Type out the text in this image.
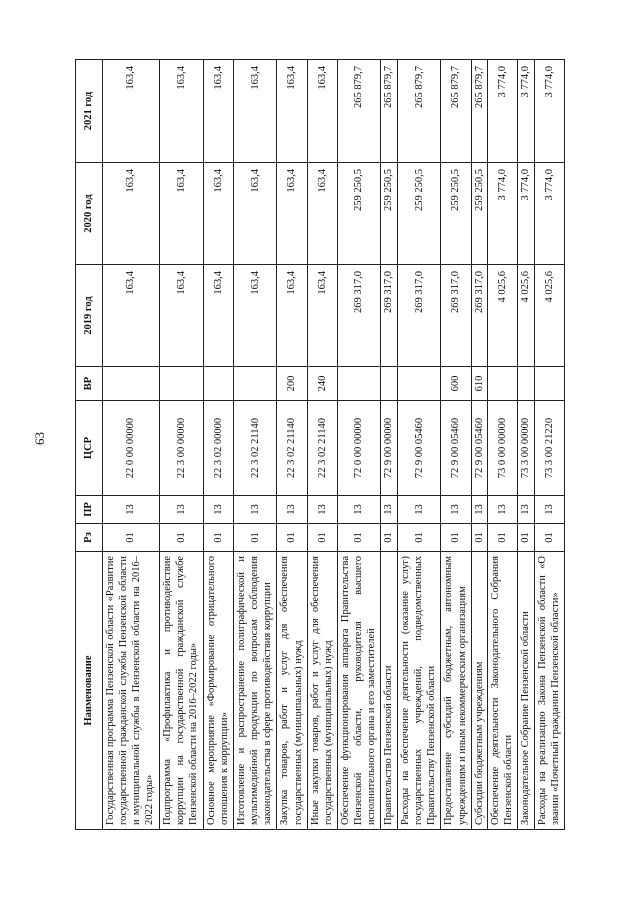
63
Наименование	Рз	ПР	ЦСР	ВР	2019 год	2020 год	2021 год
Государственная программа Пензенской области «Развитие государственной гражданской службы Пензенской области и муниципальной службы в Пензенской области на 2016–2022 годы»	01	13	22 0 00 00000		163,4	163,4	163,4
Подпрограмма «Профилактика и противодействие коррупции на государственной гражданской службе Пензенской области на 2016–2022 годы»	01	13	22 3 00 00000		163,4	163,4	163,4
Основное мероприятие «Формирование отрицательного отношения к коррупции»	01	13	22 3 02 00000		163,4	163,4	163,4
Изготовление и распространение полиграфической и мультимедийной продукции по вопросам соблюдения законодательства в сфере противодействия коррупции	01	13	22 3 02 21140		163,4	163,4	163,4
Закупка товаров, работ и услуг для обеспечения государственных (муниципальных) нужд	01	13	22 3 02 21140	200	163,4	163,4	163,4
Иные закупки товаров, работ и услуг для обеспечения государственных (муниципальных) нужд	01	13	22 3 02 21140	240	163,4	163,4	163,4
Обеспечение функционирования аппарата Правительства Пензенской области, руководителя высшего исполнительного органа и его заместителей	01	13	72 0 00 00000		269 317,0	259 250,5	265 879,7
Правительство Пензенской области	01	13	72 9 00 00000		269 317,0	259 250,5	265 879,7
Расходы на обеспечение деятельности (оказание услуг) государственных учреждений, подведомственных Правительству Пензенской области	01	13	72 9 00 05460		269 317,0	259 250,5	265 879,7
Предоставление субсидий бюджетным, автономным учреждениям и иным некоммерческим организациям	01	13	72 9 00 05460	600	269 317,0	259 250,5	265 879,7
Субсидии бюджетным учреждениям	01	13	72 9 00 05460	610	269 317,0	259 250,5	265 879,7
Обеспечение деятельности Законодательного Собрания Пензенской области	01	13	73 0 00 00000		4 025,6	3 774,0	3 774,0
Законодательное Собрание Пензенской области	01	13	73 3 00 00000		4 025,6	3 774,0	3 774,0
Расходы на реализацию Закона Пензенской области «О звании «Почетный гражданин Пензенской области»	01	13	73 3 00 21220		4 025,6	3 774,0	3 774,0
